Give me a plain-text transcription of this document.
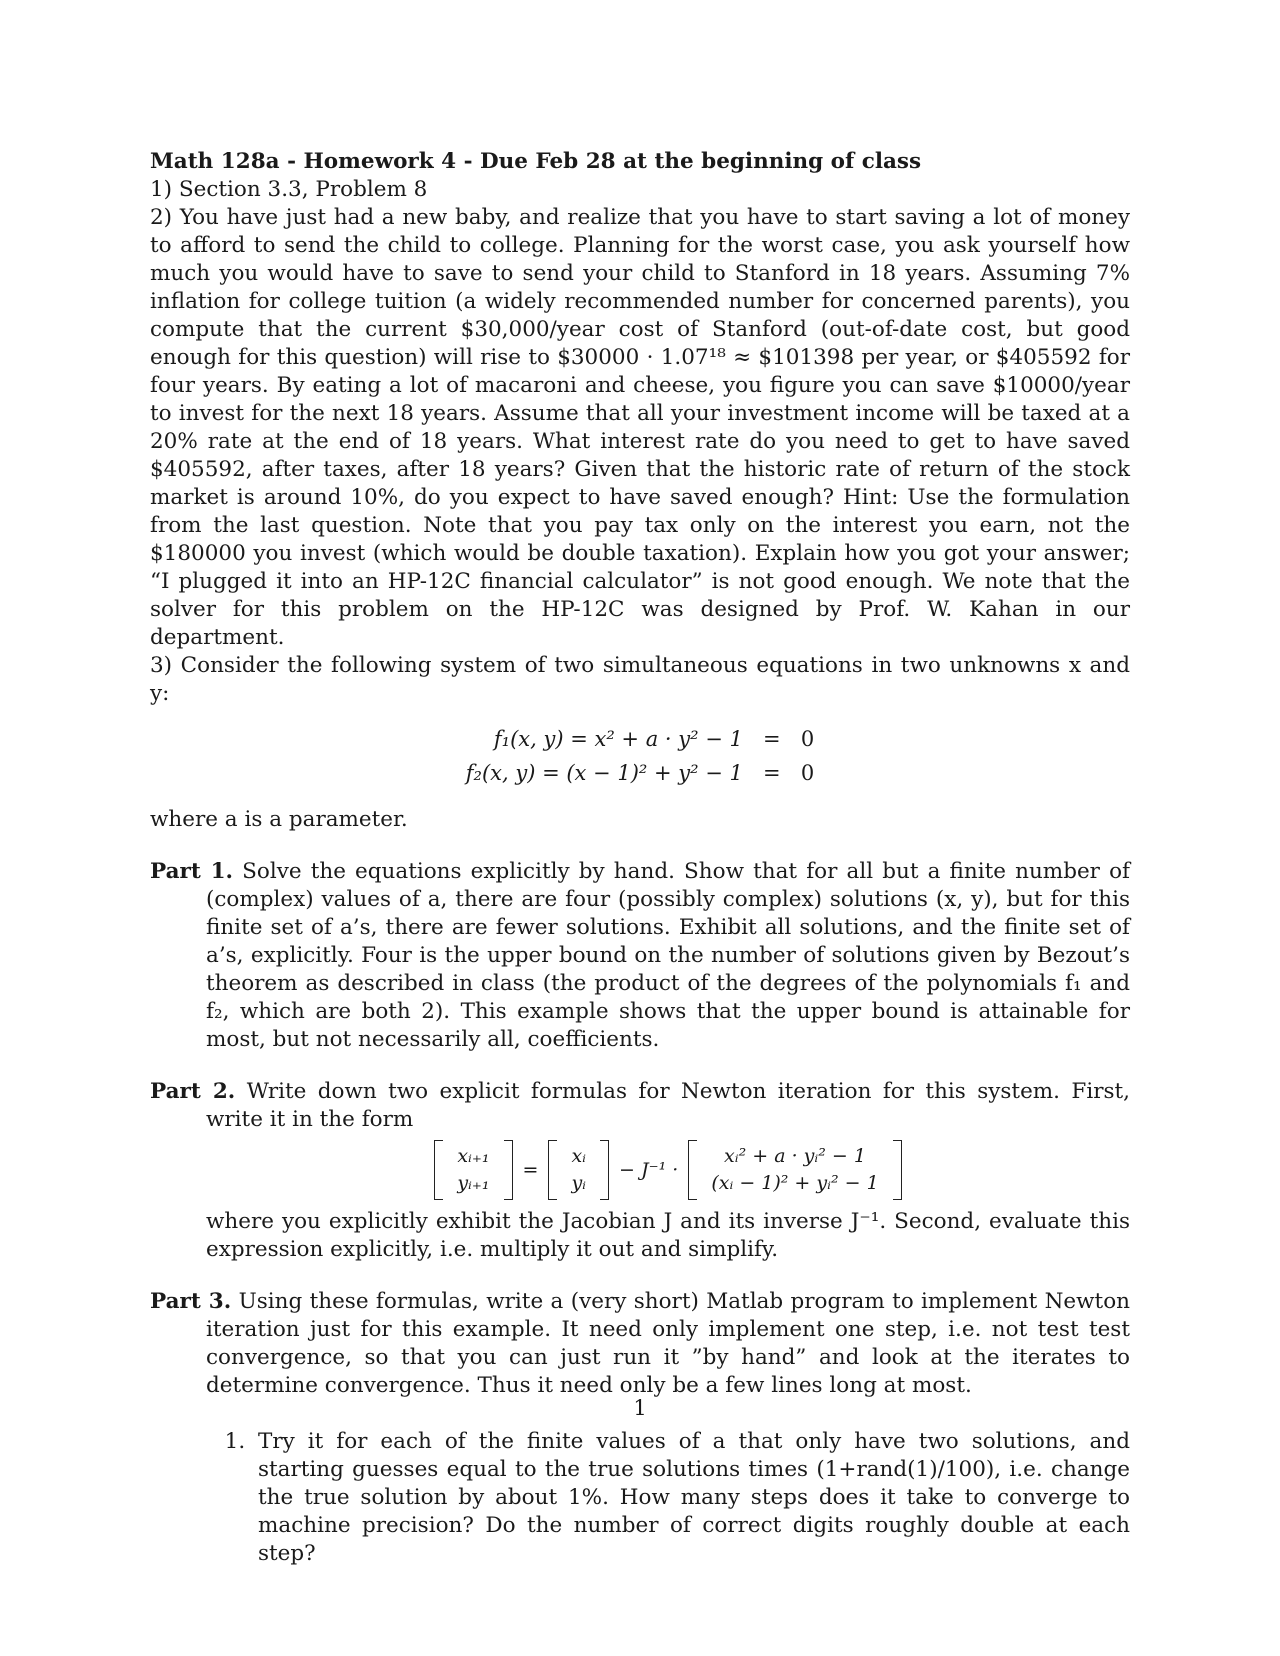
Math 128a - Homework 4 - Due Feb 28 at the beginning of class

1) Section 3.3, Problem 8

2) You have just had a new baby, and realize that you have to start saving a lot of money to afford to send the child to college. Planning for the worst case, you ask yourself how much you would have to save to send your child to Stanford in 18 years. Assuming 7% inflation for college tuition (a widely recommended number for concerned parents), you compute that the current $30,000/year cost of Stanford (out-of-date cost, but good enough for this question) will rise to $30000 · 1.07¹⁸ ≈ $101398 per year, or $405592 for four years. By eating a lot of macaroni and cheese, you figure you can save $10000/year to invest for the next 18 years. Assume that all your investment income will be taxed at a 20% rate at the end of 18 years. What interest rate do you need to get to have saved $405592, after taxes, after 18 years? Given that the historic rate of return of the stock market is around 10%, do you expect to have saved enough? Hint: Use the formulation from the last question. Note that you pay tax only on the interest you earn, not the $180000 you invest (which would be double taxation). Explain how you got your answer; “I plugged it into an HP-12C financial calculator” is not good enough. We note that the solver for this problem on the HP-12C was designed by Prof. W. Kahan in our department.

3) Consider the following system of two simultaneous equations in two unknowns x and y:

f₁(x, y) = x² + a · y² − 1	=	0
f₂(x, y) = (x − 1)² + y² − 1	=	0

where a is a parameter.

Part 1. Solve the equations explicitly by hand. Show that for all but a finite number of (complex) values of a, there are four (possibly complex) solutions (x, y), but for this finite set of a’s, there are fewer solutions. Exhibit all solutions, and the finite set of a’s, explicitly. Four is the upper bound on the number of solutions given by Bezout’s theorem as described in class (the product of the degrees of the polynomials f₁ and f₂, which are both 2). This example shows that the upper bound is attainable for most, but not necessarily all, coefficients.

Part 2. Write down two explicit formulas for Newton iteration for this system. First, write it in the form

xᵢ₊₁
yᵢ₊₁
=
xᵢ
yᵢ
− J⁻¹ ·
xᵢ² + a · yᵢ² − 1
(xᵢ − 1)² + yᵢ² − 1

where you explicitly exhibit the Jacobian J and its inverse J⁻¹. Second, evaluate this expression explicitly, i.e. multiply it out and simplify.

Part 3. Using these formulas, write a (very short) Matlab program to implement Newton iteration just for this example. It need only implement one step, i.e. not test test convergence, so that you can just run it ”by hand” and look at the iterates to determine convergence. Thus it need only be a few lines long at most.

1. Try it for each of the finite values of a that only have two solutions, and starting guesses equal to the true solutions times (1+rand(1)/100), i.e. change the true solution by about 1%. How many steps does it take to converge to machine precision? Do the number of correct digits roughly double at each step?
1
